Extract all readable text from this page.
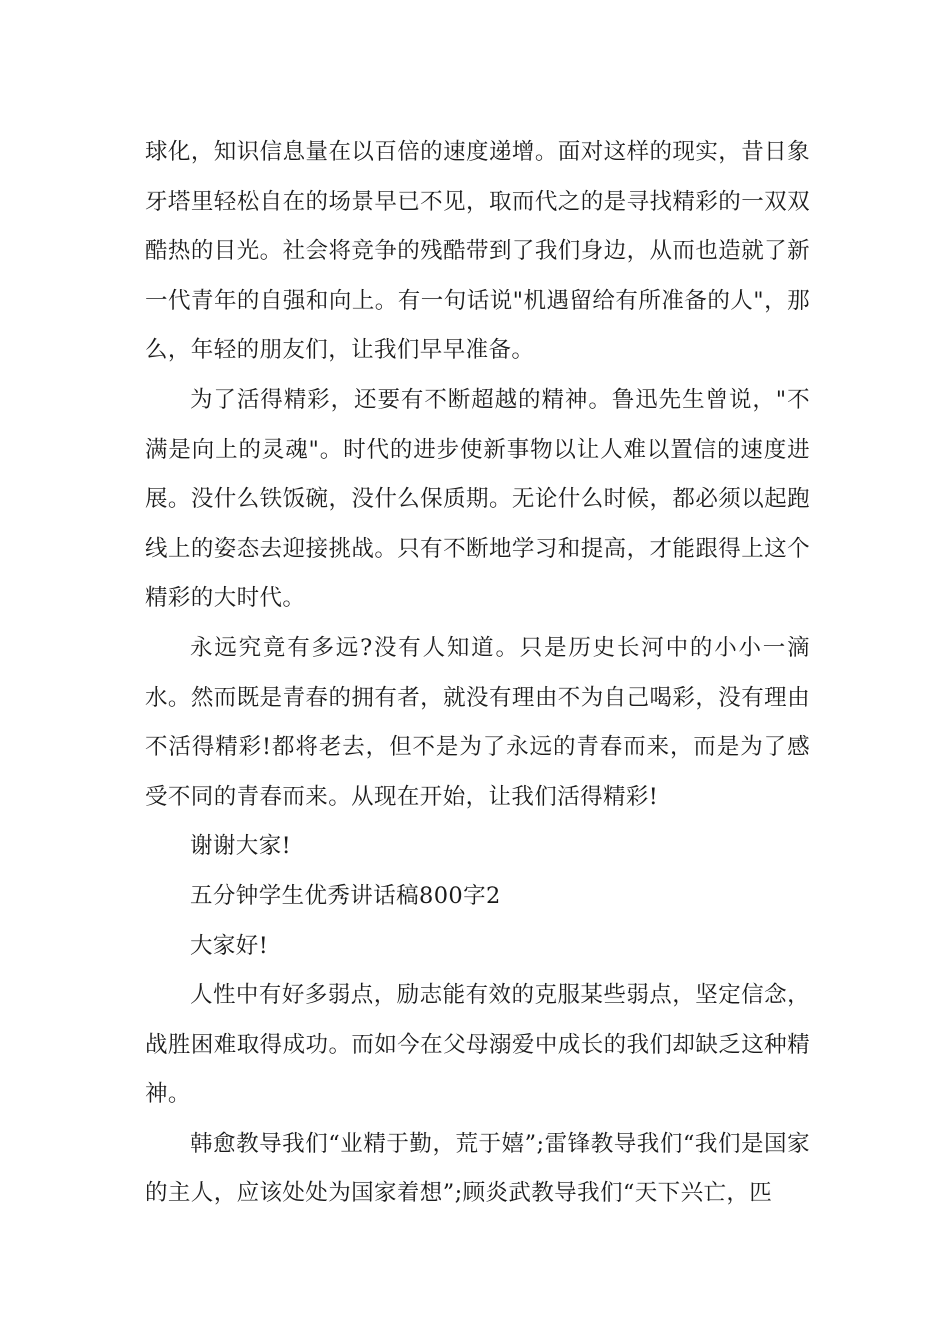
球化，知识信息量在以百倍的速度递增。面对这样的现实，昔日象牙塔里轻松自在的场景早已不见，取而代之的是寻找精彩的一双双酷热的目光。社会将竞争的残酷带到了我们身边，从而也造就了新一代青年的自强和向上。有一句话说"机遇留给有所准备的人"，那么，年轻的朋友们，让我们早早准备。

为了活得精彩，还要有不断超越的精神。鲁迅先生曾说，"不满是向上的灵魂"。时代的进步使新事物以让人难以置信的速度进展。没什么铁饭碗，没什么保质期。无论什么时候，都必须以起跑线上的姿态去迎接挑战。只有不断地学习和提高，才能跟得上这个精彩的大时代。

永远究竟有多远?没有人知道。只是历史长河中的小小一滴水。然而既是青春的拥有者，就没有理由不为自己喝彩，没有理由不活得精彩!都将老去，但不是为了永远的青春而来，而是为了感受不同的青春而来。从现在开始，让我们活得精彩!

谢谢大家!

五分钟学生优秀讲话稿800字2

大家好!

人性中有好多弱点，励志能有效的克服某些弱点，坚定信念，战胜困难取得成功。而如今在父母溺爱中成长的我们却缺乏这种精神。

韩愈教导我们“业精于勤，荒于嬉”;雷锋教导我们“我们是国家的主人，应该处处为国家着想”;顾炎武教导我们“天下兴亡，匹
